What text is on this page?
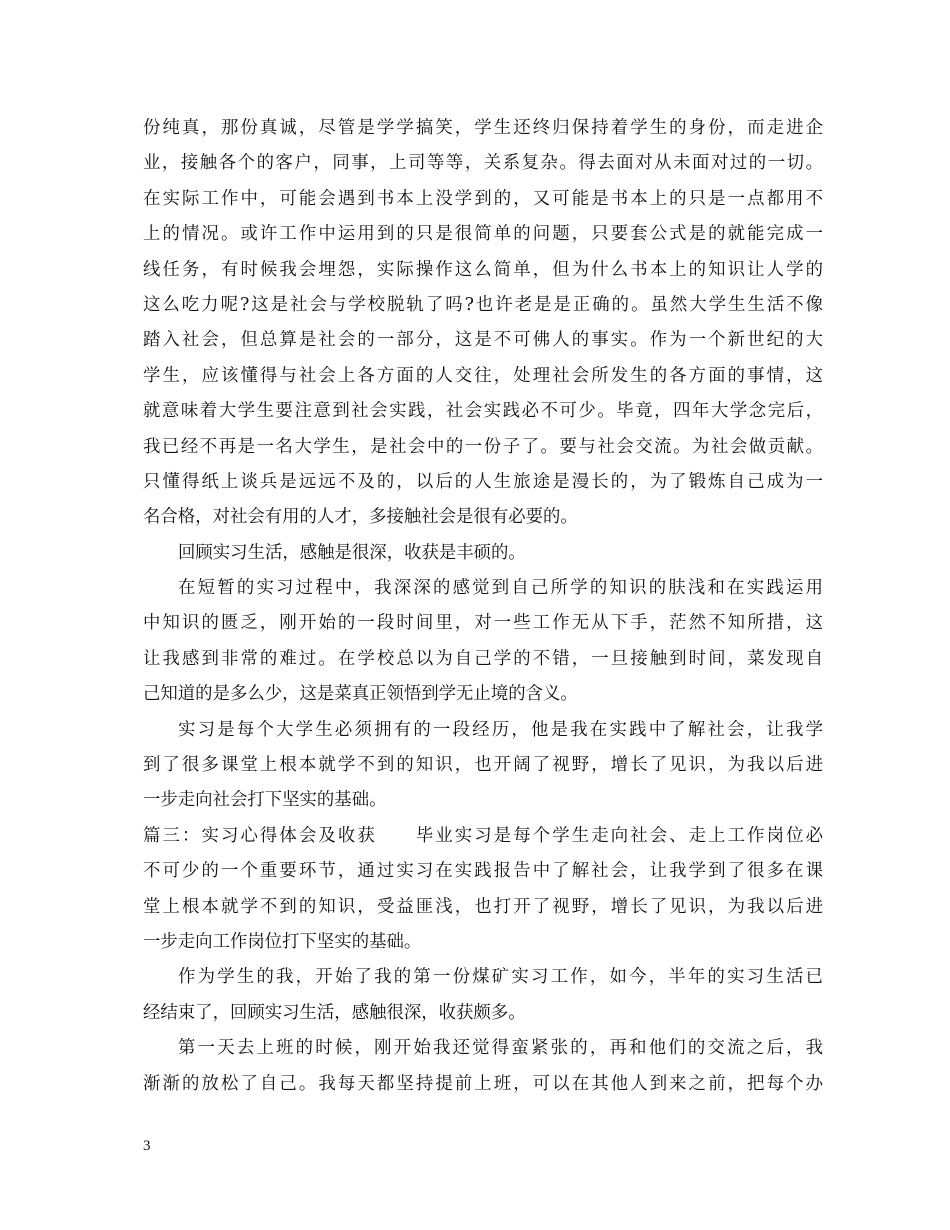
份纯真，那份真诚，尽管是学学搞笑，学生还终归保持着学生的身份，而走进企
业，接触各个的客户，同事，上司等等，关系复杂。得去面对从未面对过的一切。
在实际工作中，可能会遇到书本上没学到的，又可能是书本上的只是一点都用不
上的情况。或许工作中运用到的只是很简单的问题，只要套公式是的就能完成一
线任务，有时候我会埋怨，实际操作这么简单，但为什么书本上的知识让人学的
这么吃力呢?这是社会与学校脱轨了吗?也许老是是正确的。虽然大学生生活不像
踏入社会，但总算是社会的一部分，这是不可佛人的事实。作为一个新世纪的大
学生，应该懂得与社会上各方面的人交往，处理社会所发生的各方面的事情，这
就意味着大学生要注意到社会实践，社会实践必不可少。毕竟，四年大学念完后，
我已经不再是一名大学生，是社会中的一份子了。要与社会交流。为社会做贡献。
只懂得纸上谈兵是远远不及的，以后的人生旅途是漫长的，为了锻炼自己成为一
名合格，对社会有用的人才，多接触社会是很有必要的。
回顾实习生活，感触是很深，收获是丰硕的。
在短暂的实习过程中，我深深的感觉到自己所学的知识的肤浅和在实践运用
中知识的匮乏，刚开始的一段时间里，对一些工作无从下手，茫然不知所措，这
让我感到非常的难过。在学校总以为自己学的不错，一旦接触到时间，菜发现自
己知道的是多么少，这是菜真正领悟到学无止境的含义。
实习是每个大学生必须拥有的一段经历，他是我在实践中了解社会，让我学
到了很多课堂上根本就学不到的知识，也开阔了视野，增长了见识，为我以后进
一步走向社会打下坚实的基础。
篇三：实习心得体会及收获　　毕业实习是每个学生走向社会、走上工作岗位必
不可少的一个重要环节，通过实习在实践报告中了解社会，让我学到了很多在课
堂上根本就学不到的知识，受益匪浅，也打开了视野，增长了见识，为我以后进
一步走向工作岗位打下坚实的基础。
作为学生的我，开始了我的第一份煤矿实习工作，如今，半年的实习生活已
经结束了，回顾实习生活，感触很深，收获颇多。
第一天去上班的时候，刚开始我还觉得蛮紧张的，再和他们的交流之后，我
渐渐的放松了自己。我每天都坚持提前上班，可以在其他人到来之前，把每个办
3
